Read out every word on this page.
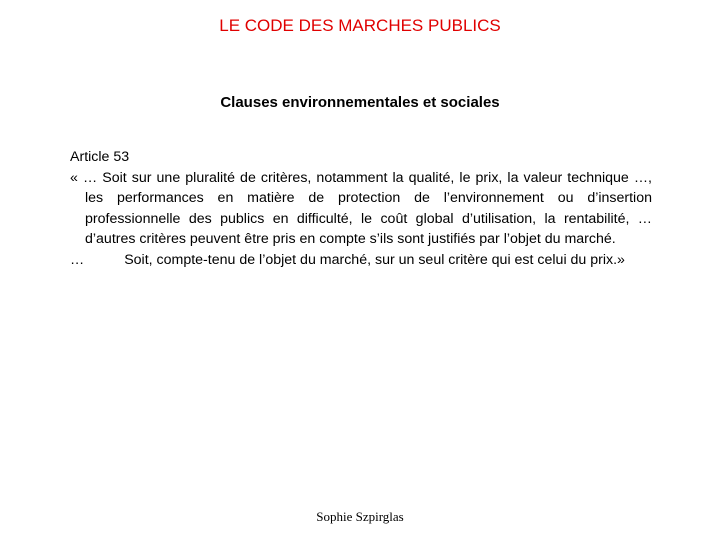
LE CODE DES MARCHES PUBLICS
Clauses environnementales et sociales

Article 53

« … Soit sur une pluralité de critères, notamment la qualité, le prix, la valeur technique …, les performances en matière de protection de l’environnement ou d’insertion professionnelle des publics en difficulté, le coût global d’utilisation, la rentabilité, … d’autres critères peuvent être pris en compte s’ils sont justifiés par l’objet du marché.

…	Soit, compte-tenu de l’objet du marché, sur un seul critère qui est celui du prix.»

Sophie Szpirglas
